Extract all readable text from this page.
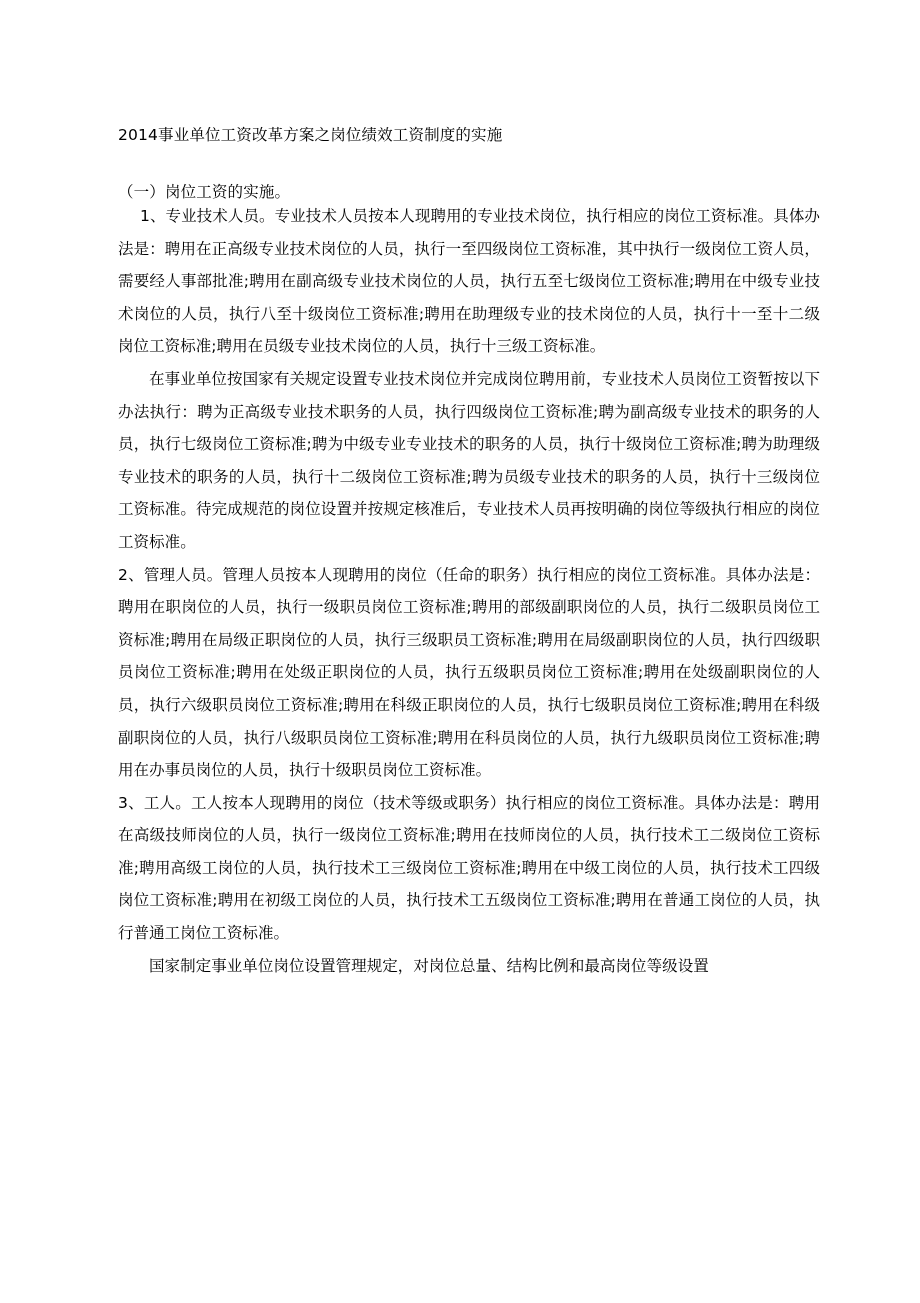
2014事业单位工资改革方案之岗位绩效工资制度的实施
（一）岗位工资的实施。

1、专业技术人员。专业技术人员按本人现聘用的专业技术岗位，执行相应的岗位工资标准。具体办法是：聘用在正高级专业技术岗位的人员，执行一至四级岗位工资标准，其中执行一级岗位工资人员，需要经人事部批准;聘用在副高级专业技术岗位的人员，执行五至七级岗位工资标准;聘用在中级专业技术岗位的人员，执行八至十级岗位工资标准;聘用在助理级专业的技术岗位的人员，执行十一至十二级岗位工资标准;聘用在员级专业技术岗位的人员，执行十三级工资标准。

在事业单位按国家有关规定设置专业技术岗位并完成岗位聘用前，专业技术人员岗位工资暂按以下办法执行：聘为正高级专业技术职务的人员，执行四级岗位工资标准;聘为副高级专业技术的职务的人员，执行七级岗位工资标准;聘为中级专业专业技术的职务的人员，执行十级岗位工资标准;聘为助理级专业技术的职务的人员，执行十二级岗位工资标准;聘为员级专业技术的职务的人员，执行十三级岗位工资标准。待完成规范的岗位设置并按规定核准后，专业技术人员再按明确的岗位等级执行相应的岗位工资标准。

2、管理人员。管理人员按本人现聘用的岗位（任命的职务）执行相应的岗位工资标准。具体办法是：聘用在职岗位的人员，执行一级职员岗位工资标准;聘用的部级副职岗位的人员，执行二级职员岗位工资标准;聘用在局级正职岗位的人员，执行三级职员工资标准;聘用在局级副职岗位的人员，执行四级职员岗位工资标准;聘用在处级正职岗位的人员，执行五级职员岗位工资标准;聘用在处级副职岗位的人员，执行六级职员岗位工资标准;聘用在科级正职岗位的人员，执行七级职员岗位工资标准;聘用在科级副职岗位的人员，执行八级职员岗位工资标准;聘用在科员岗位的人员，执行九级职员岗位工资标准;聘用在办事员岗位的人员，执行十级职员岗位工资标准。

3、工人。工人按本人现聘用的岗位（技术等级或职务）执行相应的岗位工资标准。具体办法是：聘用在高级技师岗位的人员，执行一级岗位工资标准;聘用在技师岗位的人员，执行技术工二级岗位工资标准;聘用高级工岗位的人员，执行技术工三级岗位工资标准;聘用在中级工岗位的人员，执行技术工四级岗位工资标准;聘用在初级工岗位的人员，执行技术工五级岗位工资标准;聘用在普通工岗位的人员，执行普通工岗位工资标准。

国家制定事业单位岗位设置管理规定，对岗位总量、结构比例和最高岗位等级设置
